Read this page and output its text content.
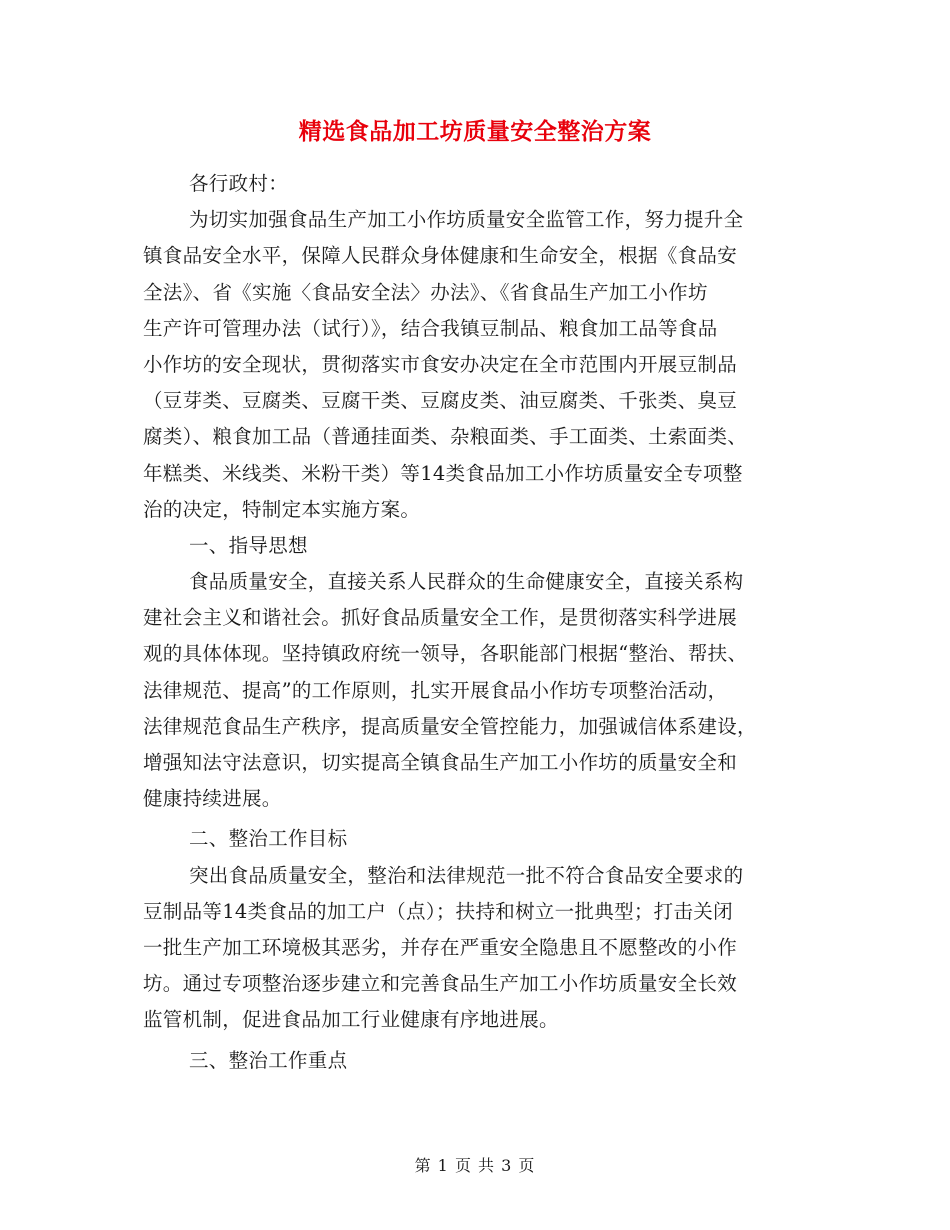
精选食品加工坊质量安全整治方案
各行政村：
为切实加强食品生产加工小作坊质量安全监管工作，努力提升全
镇食品安全水平，保障人民群众身体健康和生命安全，根据《食品安
全法》、省《实施〈食品安全法〉办法》、《省食品生产加工小作坊
生产许可管理办法（试行）》，结合我镇豆制品、粮食加工品等食品
小作坊的安全现状，贯彻落实市食安办决定在全市范围内开展豆制品
（豆芽类、豆腐类、豆腐干类、豆腐皮类、油豆腐类、千张类、臭豆
腐类）、粮食加工品（普通挂面类、杂粮面类、手工面类、土索面类、
年糕类、米线类、米粉干类）等14类食品加工小作坊质量安全专项整
治的决定，特制定本实施方案。
一、指导思想
食品质量安全，直接关系人民群众的生命健康安全，直接关系构
建社会主义和谐社会。抓好食品质量安全工作，是贯彻落实科学进展
观的具体体现。坚持镇政府统一领导，各职能部门根据“整治、帮扶、
法律规范、提高”的工作原则，扎实开展食品小作坊专项整治活动，
法律规范食品生产秩序，提高质量安全管控能力，加强诚信体系建设，
增强知法守法意识，切实提高全镇食品生产加工小作坊的质量安全和
健康持续进展。
二、整治工作目标
突出食品质量安全，整治和法律规范一批不符合食品安全要求的
豆制品等14类食品的加工户（点）；扶持和树立一批典型；打击关闭
一批生产加工环境极其恶劣，并存在严重安全隐患且不愿整改的小作
坊。通过专项整治逐步建立和完善食品生产加工小作坊质量安全长效
监管机制，促进食品加工行业健康有序地进展。
三、整治工作重点
第 1 页 共 3 页
